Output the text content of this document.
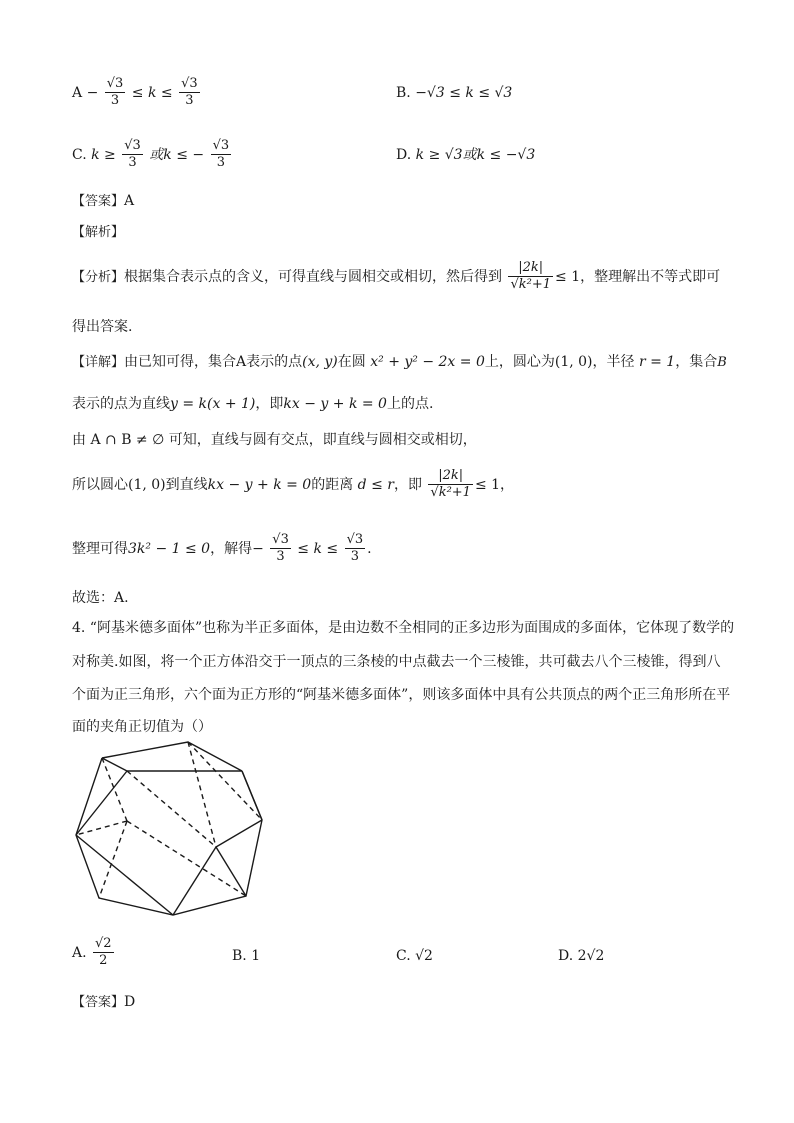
$A - \frac{√3}{3} \le k \le \frac{√3}{3}$	B. −√3 ≤ k ≤ √3
C. $k \ge \frac{√3}{3}$ 或k ≤ − $\frac{√3}{3}$	D. k ≥ √3或k ≤ −√3
【答案】A
【解析】
【分析】根据集合表示点的含义，可得直线与圆相交或相切，然后得到 $\frac{|2k|}{\text{√k²+1}} \le 1$，整理解出不等式即可
得出答案.
【详解】由已知可得，集合A表示的点(x, y)在圆 x² + y² − 2x = 0上，圆心为(1, 0)，半径 r = 1，集合B
表示的点为直线y = k(x + 1)，即kx − y + k = 0上的点.
由 A ∩ B ≠ ∅ 可知，直线与圆有交点，即直线与圆相交或相切，
所以圆心(1, 0)到直线kx − y + k = 0的距离 d ≤ r，即 $\frac{|2k|}{\text{√k²+1}} \le 1$，
整理可得3k² − 1 ≤ 0，解得− $\frac{√3}{3} \le k \le \frac{√3}{3}$ .
故选：A.
4. “阿基米德多面体”也称为半正多面体，是由边数不全相同的正多边形为面围成的多面体，它体现了数学的
对称美.如图，将一个正方体沿交于一顶点的三条棱的中点截去一个三棱锥，共可截去八个三棱锥，得到八
个面为正三角形，六个面为正方形的“阿基米德多面体”，则该多面体中具有公共顶点的两个正三角形所在平
面的夹角正切值为（）
A. $\frac{√2}{2}$	B. 1	C. √2	D. 2√2
【答案】D
